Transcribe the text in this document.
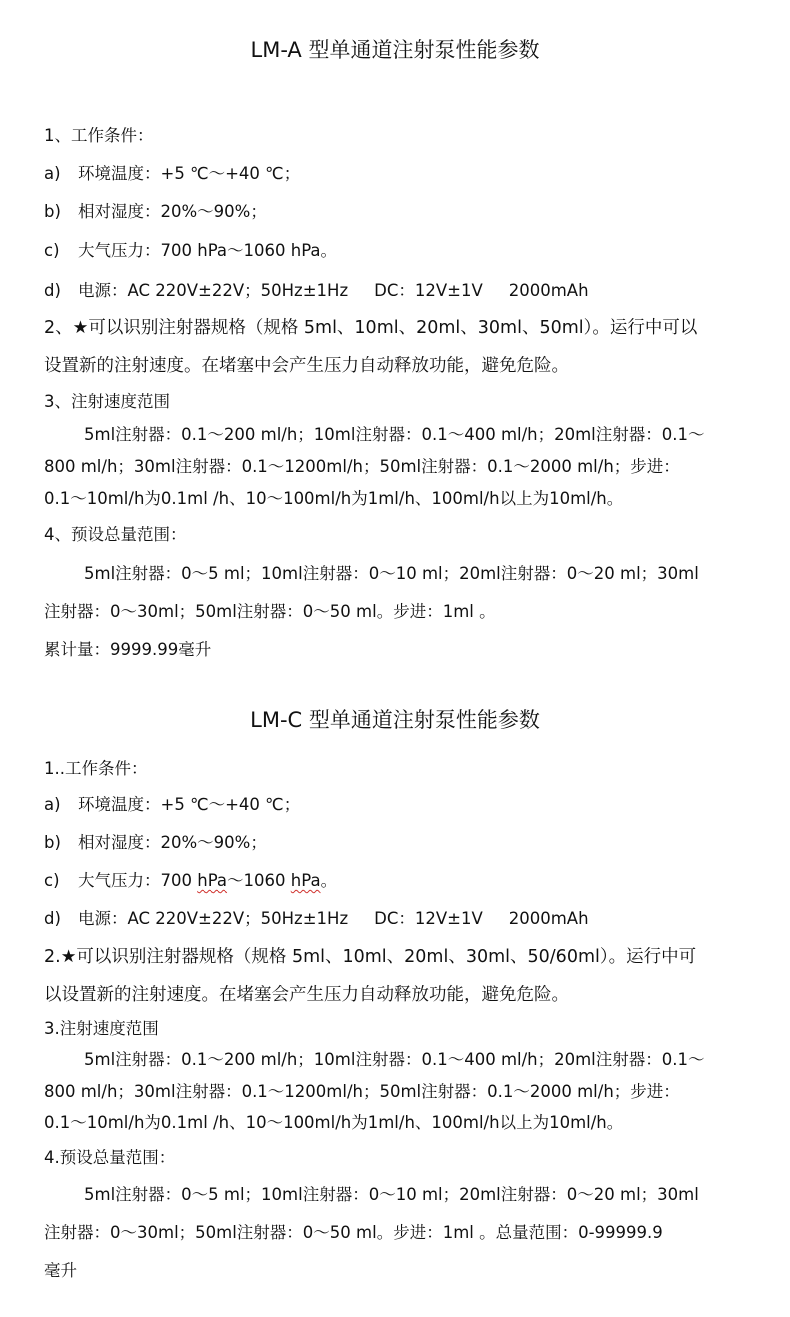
LM-A 型单通道注射泵性能参数
1、工作条件：
a) 环境温度：+5 ℃～+40 ℃；
b) 相对湿度：20%～90%；
c) 大气压力：700 hPa～1060 hPa。
d) 电源：AC 220V±22V；50Hz±1Hz DC：12V±1V 2000mAh
2、★可以识别注射器规格（规格 5ml、10ml、20ml、30ml、50ml）。运行中可以
设置新的注射速度。在堵塞中会产生压力自动释放功能，避免危险。
3、注射速度范围
5ml注射器：0.1～200 ml/h；10ml注射器：0.1～400 ml/h；20ml注射器：0.1～
800 ml/h；30ml注射器：0.1～1200ml/h；50ml注射器：0.1～2000 ml/h；步进：
0.1～10ml/h为0.1ml /h、10～100ml/h为1ml/h、100ml/h以上为10ml/h。
4、预设总量范围：
5ml注射器：0～5 ml；10ml注射器：0～10 ml；20ml注射器：0～20 ml；30ml
注射器：0～30ml；50ml注射器：0～50 ml。步进：1ml 。
累计量：9999.99毫升
LM-C 型单通道注射泵性能参数
1..工作条件：
a) 环境温度：+5 ℃～+40 ℃；
b) 相对湿度：20%～90%；
c) 大气压力：700 hPa～1060 hPa。
d) 电源：AC 220V±22V；50Hz±1Hz DC：12V±1V 2000mAh
2.★可以识别注射器规格（规格 5ml、10ml、20ml、30ml、50/60ml）。运行中可
以设置新的注射速度。在堵塞会产生压力自动释放功能，避免危险。
3.注射速度范围
5ml注射器：0.1～200 ml/h；10ml注射器：0.1～400 ml/h；20ml注射器：0.1～
800 ml/h；30ml注射器：0.1～1200ml/h；50ml注射器：0.1～2000 ml/h；步进：
0.1～10ml/h为0.1ml /h、10～100ml/h为1ml/h、100ml/h以上为10ml/h。
4.预设总量范围：
5ml注射器：0～5 ml；10ml注射器：0～10 ml；20ml注射器：0～20 ml；30ml
注射器：0～30ml；50ml注射器：0～50 ml。步进：1ml 。总量范围：0-99999.9
毫升
